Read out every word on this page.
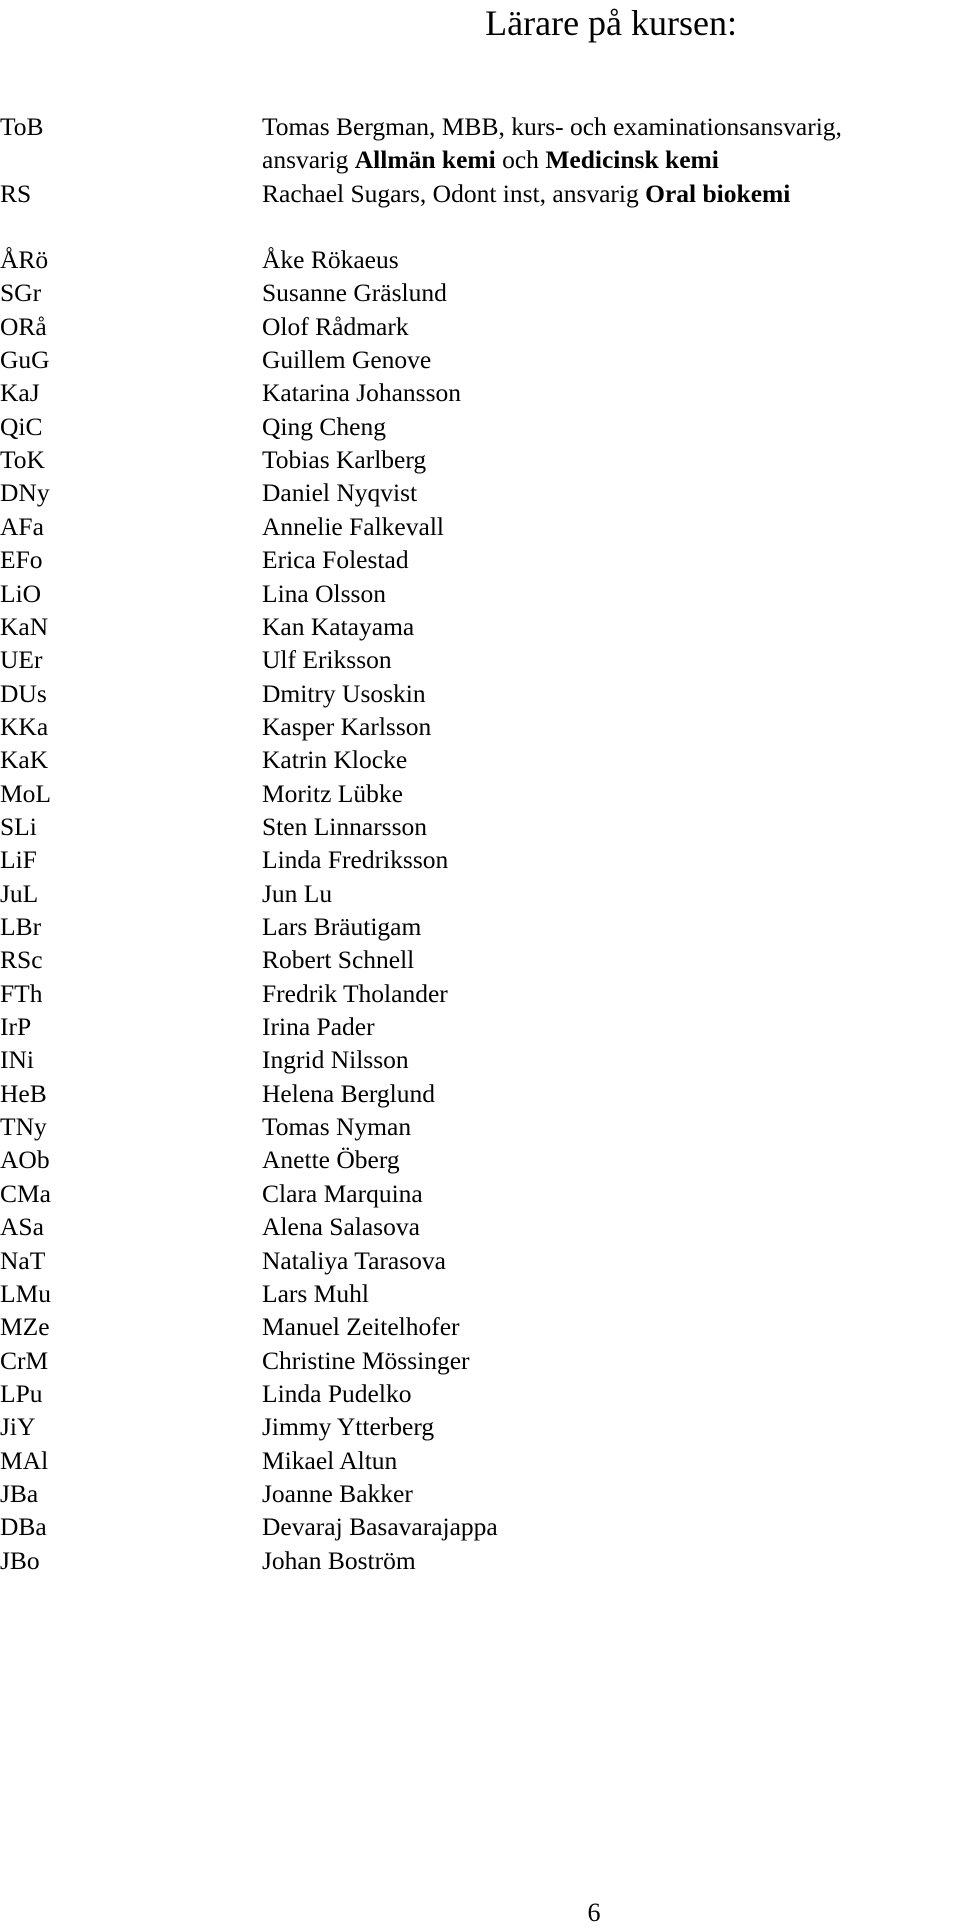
Lärare på kursen:
ToB	Tomas Bergman, MBB, kurs- och examinationsansvarig,
ansvarig Allmän kemi och Medicinsk kemi
RS	Rachael Sugars, Odont inst, ansvarig Oral biokemi
ÅRö	Åke Rökaeus
SGr	Susanne Gräslund
ORå	Olof Rådmark
GuG	Guillem Genove
KaJ	Katarina Johansson
QiC	Qing Cheng
ToK	Tobias Karlberg
DNy	Daniel Nyqvist
AFa	Annelie Falkevall
EFo	Erica Folestad
LiO	Lina Olsson
KaN	Kan Katayama
UEr	Ulf Eriksson
DUs	Dmitry Usoskin
KKa	Kasper Karlsson
KaK	Katrin Klocke
MoL	Moritz Lübke
SLi	Sten Linnarsson
LiF	Linda Fredriksson
JuL	Jun Lu
LBr	Lars Bräutigam
RSc	Robert Schnell
FTh	Fredrik Tholander
IrP	Irina Pader
INi	Ingrid Nilsson
HeB	Helena Berglund
TNy	Tomas Nyman
AOb	Anette Öberg
CMa	Clara Marquina
ASa	Alena Salasova
NaT	Nataliya Tarasova
LMu	Lars Muhl
MZe	Manuel Zeitelhofer
CrM	Christine Mössinger
LPu	Linda Pudelko
JiY	Jimmy Ytterberg
MAl	Mikael Altun
JBa	Joanne Bakker
DBa	Devaraj Basavarajappa
JBo	Johan Boström
6
